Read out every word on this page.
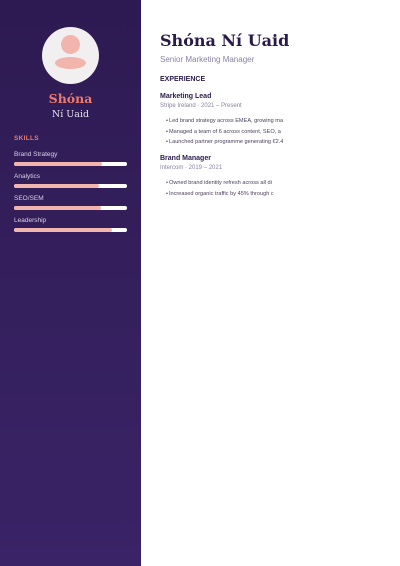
Shóna
Ní Uaid
SKILLS
Brand Strategy
Analytics
SEO/SEM
Leadership
Shóna Ní Uaid
Senior Marketing Manager
EXPERIENCE
Marketing Lead
Stripe Ireland · 2021 – Present
• Led brand strategy across EMEA, growing ma
• Managed a team of 6 across content, SEO, a
• Launched partner programme generating €2.4
Brand Manager
Intercom · 2019 – 2021
• Owned brand identity refresh across all di
• Increased organic traffic by 45% through c
